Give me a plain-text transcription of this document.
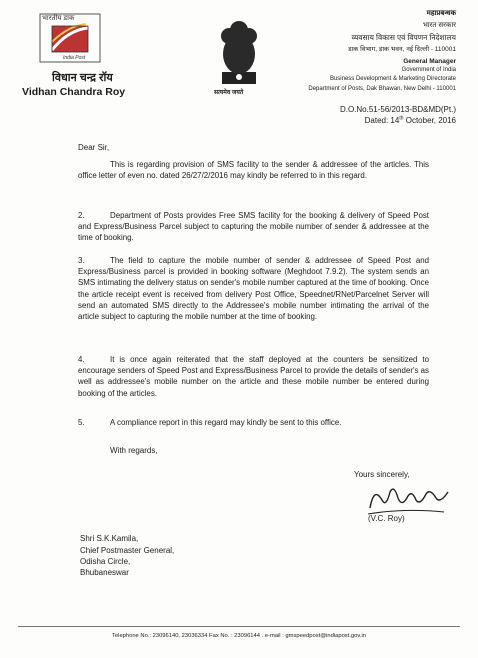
भारतीय डाक
India Post
विधान चन्द्र रॉय
Vidhan Chandra Roy	सत्यमेव जयते
महाप्रबन्धक
भारत सरकार
व्यवसाय विकास एवं विपणन निदेशालय
डाक विभाग, डाक भवन, नई दिल्ली - 110001
General Manager
Government of India
Business Development & Marketing Directorate
Department of Posts, Dak Bhawan, New Delhi - 110001
D.O.No.51-56/2013-BD&MD(Pt.)
Dated: 14th October, 2016
Dear Sir,
This is regarding provision of SMS facility to the sender & addressee of the articles. This office letter of even no. dated 26/27/2/2016 may kindly be referred to in this regard.
2.	Department of Posts provides Free SMS facility for the booking & delivery of Speed Post and Express/Business Parcel subject to capturing the mobile number of sender & addressee at the time of booking.
3.	The field to capture the mobile number of sender & addressee of Speed Post and Express/Business parcel is provided in booking software (Meghdoot 7.9.2). The system sends an SMS intimating the delivery status on sender's mobile number captured at the time of booking. Once the article receipt event is received from delivery Post Office, Speednet/RNet/Parcelnet Server will send an automated SMS directly to the Addressee's mobile number intimating the arrival of the article subject to capturing the mobile number at the time of booking.
4.	It is once again reiterated that the staff deployed at the counters be sensitized to encourage senders of Speed Post and Express/Business Parcel to provide the details of sender's as well as addressee's mobile number on the article and these mobile number be entered during booking of the articles.
5.	A compliance report in this regard may kindly be sent to this office.
With regards,
Yours sincerely,
(V.C. Roy)
Shri S.K.Kamila,
Chief Postmaster General,
Odisha Circle,
Bhubaneswar
Telephone No.: 23096140, 23036334 Fax No. : 23096144 . e-mail : gmspeedpost@indiapost.gov.in
